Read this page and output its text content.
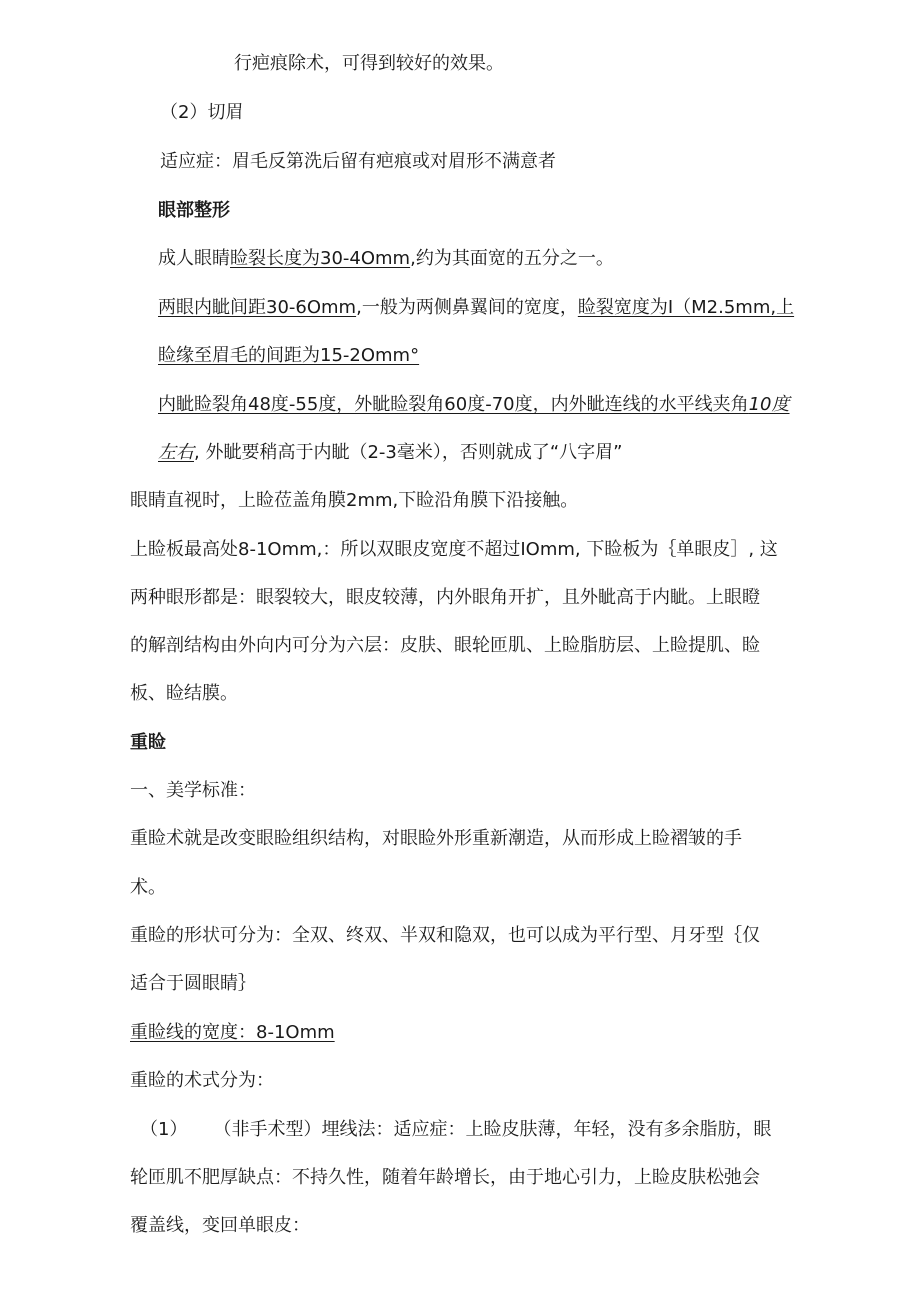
行疤痕除术，可得到较好的效果。
（2）切眉
适应症：眉毛反第洗后留有疤痕或对眉形不满意者
眼部整形
成人眼睛睑裂长度为30-4Omm,约为其面宽的五分之一。
两眼内眦间距30-6Omm,一般为两侧鼻翼间的宽度，睑裂宽度为I（M2.5mm,上
睑缘至眉毛的间距为15-2Omm°
内眦睑裂角48度-55度，外眦睑裂角60度-70度，内外眦连线的水平线夹角10度
左右, 外眦要稍高于内眦（2-3毫米），否则就成了“八字眉”
眼睛直视时，上睑莅盖角膜2mm,下睑沿角膜下沿接触。
上睑板最高处8-1Omm,：所以双眼皮宽度不超过IOmm, 下睑板为｛单眼皮］, 这
两种眼形都是：眼裂较大，眼皮较薄，内外眼角开扩，且外眦高于内眦。上眼瞪
的解剖结构由外向内可分为六层：皮肤、眼轮匝肌、上睑脂肪层、上睑提肌、睑
板、睑结膜。
重睑
一、美学标准：
重睑术就是改变眼睑组织结构，对眼睑外形重新潮造，从而形成上睑褶皱的手
术。
重睑的形状可分为：全双、终双、半双和隐双，也可以成为平行型、月牙型｛仅
适合于圆眼睛｝
重睑线的宽度：8-1Omm
重睑的术式分为：
（1） （非手术型）埋线法：适应症：上睑皮肤薄，年轻，没有多余脂肪，眼
轮匝肌不肥厚缺点：不持久性，随着年龄增长，由于地心引力，上睑皮肤松弛会
覆盖线，变回单眼皮：
